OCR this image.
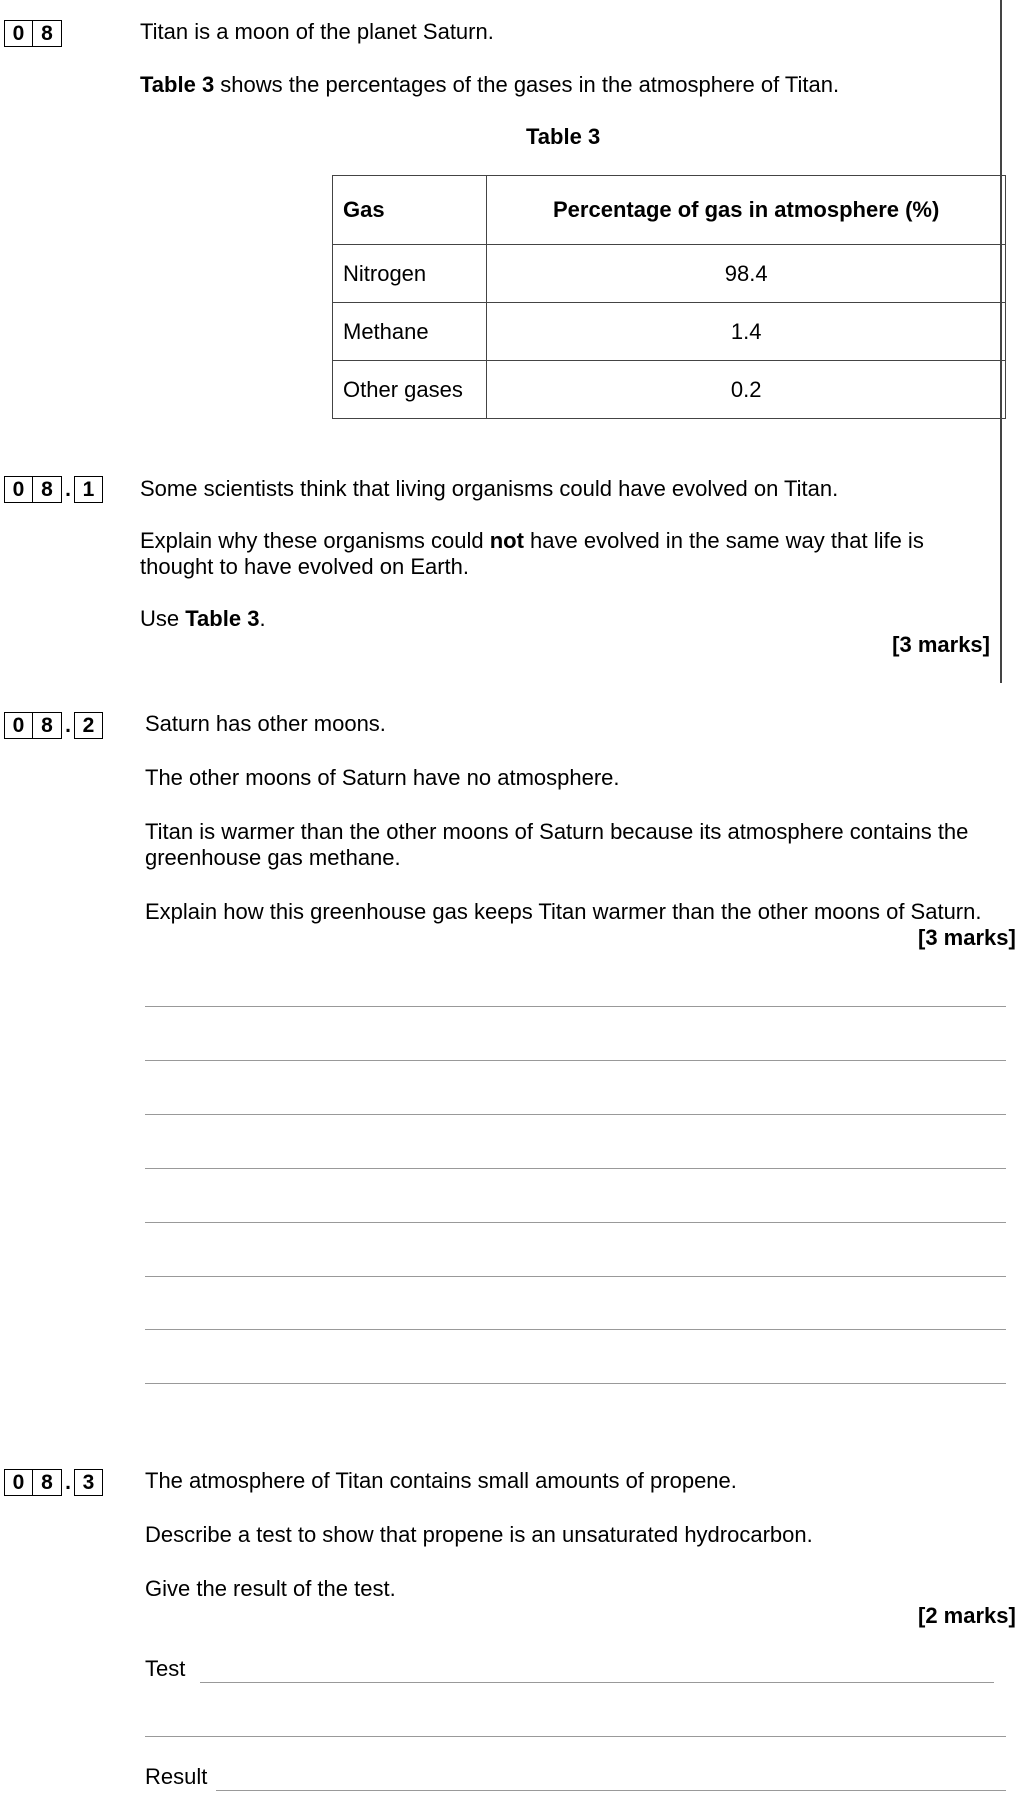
0 8	Titan is a moon of the planet Saturn.
Table 3 shows the percentages of the gases in the atmosphere of Titan.
Table 3
Gas	Percentage of gas in atmosphere (%)
Nitrogen	98.4
Methane	1.4
Other gases	0.2
0 8 . 1	Some scientists think that living organisms could have evolved on Titan.
Explain why these organisms could not have evolved in the same way that life is
thought to have evolved on Earth.
Use Table 3.
[3 marks]
0 8 . 2	Saturn has other moons.
The other moons of Saturn have no atmosphere.
Titan is warmer than the other moons of Saturn because its atmosphere contains the
greenhouse gas methane.
Explain how this greenhouse gas keeps Titan warmer than the other moons of Saturn.
[3 marks]
0 8 . 3	The atmosphere of Titan contains small amounts of propene.
Describe a test to show that propene is an unsaturated hydrocarbon.
Give the result of the test.
[2 marks]
Test
Result
